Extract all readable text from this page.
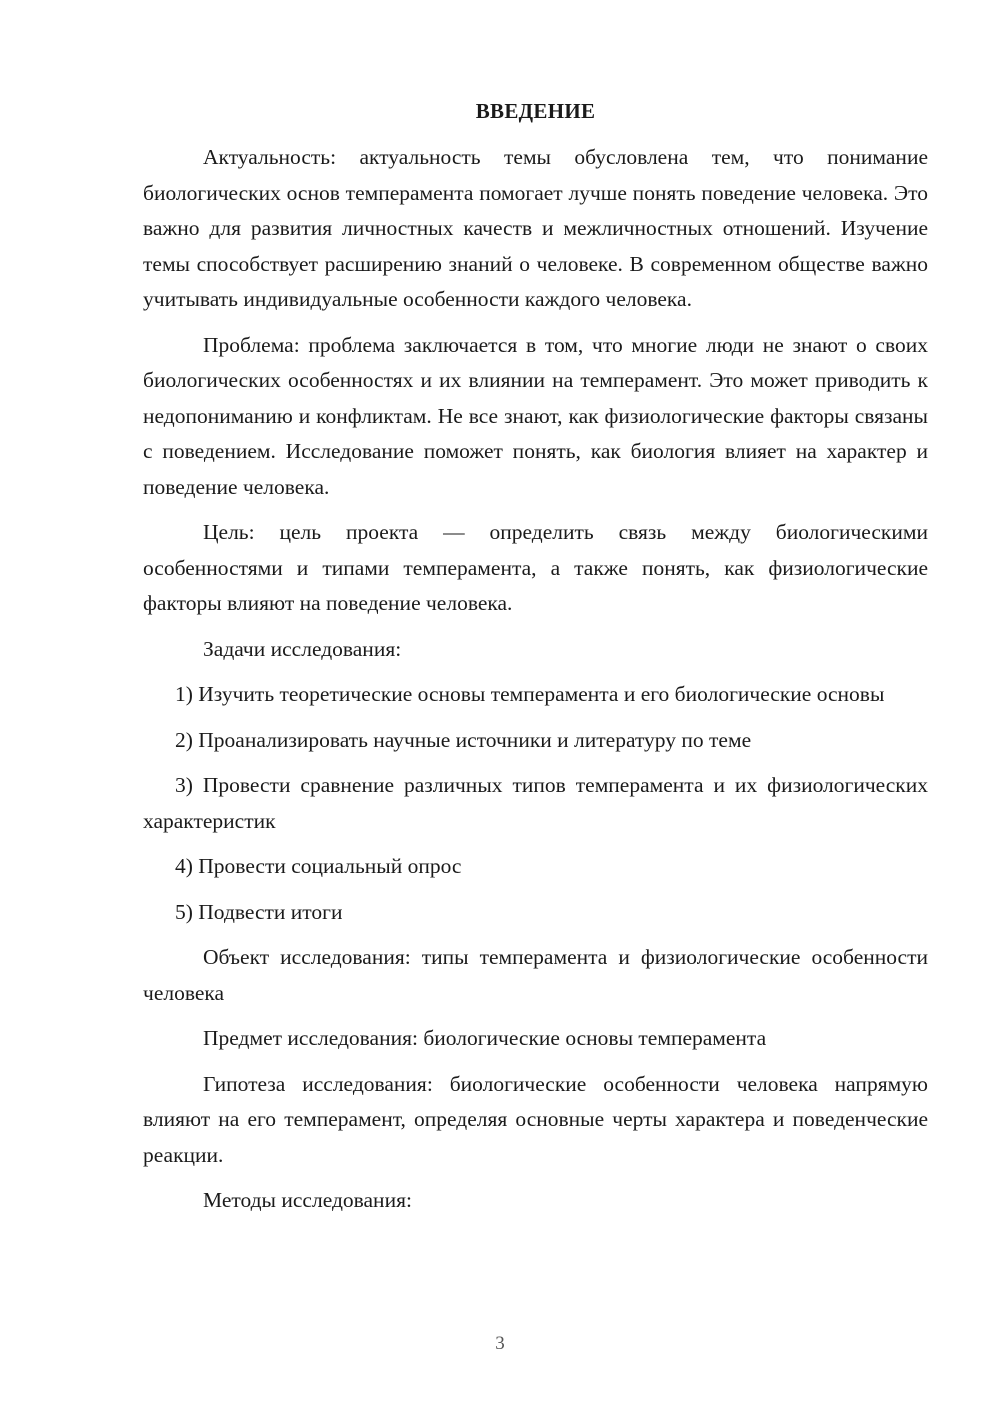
ВВЕДЕНИЕ

Актуальность: актуальность темы обусловлена тем, что понимание биологических основ темперамента помогает лучше понять поведение человека. Это важно для развития личностных качеств и межличностных отношений. Изучение темы способствует расширению знаний о человеке. В современном обществе важно учитывать индивидуальные особенности каждого человека.

Проблема: проблема заключается в том, что многие люди не знают о своих биологических особенностях и их влиянии на темперамент. Это может приводить к недопониманию и конфликтам. Не все знают, как физиологические факторы связаны с поведением. Исследование поможет понять, как биология влияет на характер и поведение человека.

Цель: цель проекта — определить связь между биологическими особенностями и типами темперамента, а также понять, как физиологические факторы влияют на поведение человека.

Задачи исследования:

1) Изучить теоретические основы темперамента и его биологические основы

2) Проанализировать научные источники и литературу по теме

3) Провести сравнение различных типов темперамента и их физиологических характеристик

4) Провести социальный опрос

5) Подвести итоги

Объект исследования: типы темперамента и физиологические особенности человека

Предмет исследования: биологические основы темперамента

Гипотеза исследования: биологические особенности человека напрямую влияют на его темперамент, определяя основные черты характера и поведенческие реакции.

Методы исследования:

3
